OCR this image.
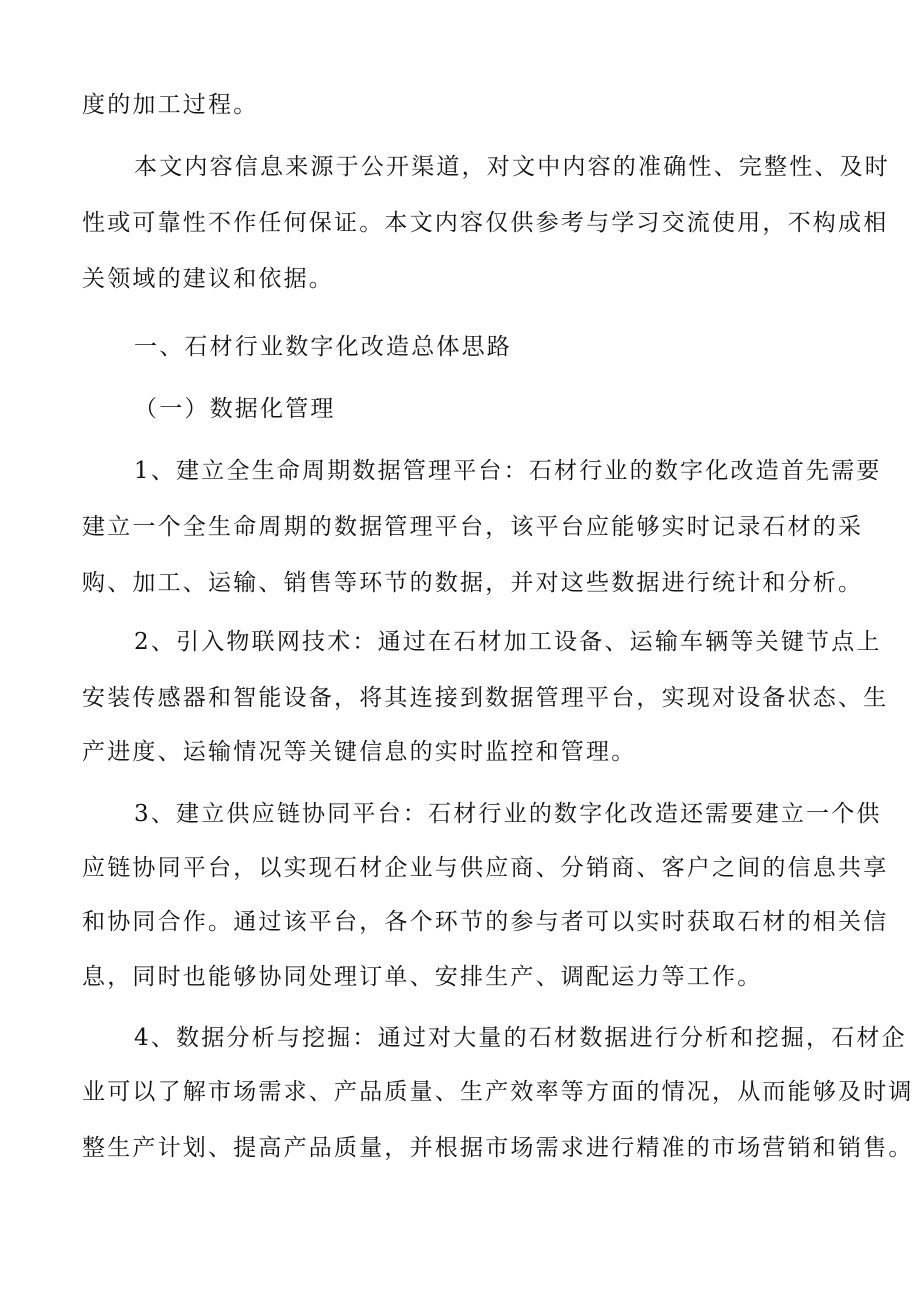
度的加工过程。
本文内容信息来源于公开渠道，对文中内容的准确性、完整性、及时
性或可靠性不作任何保证。本文内容仅供参考与学习交流使用，不构成相
关领域的建议和依据。
一、石材行业数字化改造总体思路
（一）数据化管理
1、建立全生命周期数据管理平台：石材行业的数字化改造首先需要
建立一个全生命周期的数据管理平台，该平台应能够实时记录石材的采
购、加工、运输、销售等环节的数据，并对这些数据进行统计和分析。
2、引入物联网技术：通过在石材加工设备、运输车辆等关键节点上
安装传感器和智能设备，将其连接到数据管理平台，实现对设备状态、生
产进度、运输情况等关键信息的实时监控和管理。
3、建立供应链协同平台：石材行业的数字化改造还需要建立一个供
应链协同平台，以实现石材企业与供应商、分销商、客户之间的信息共享
和协同合作。通过该平台，各个环节的参与者可以实时获取石材的相关信
息，同时也能够协同处理订单、安排生产、调配运力等工作。
4、数据分析与挖掘：通过对大量的石材数据进行分析和挖掘，石材企
业可以了解市场需求、产品质量、生产效率等方面的情况，从而能够及时调
整生产计划、提高产品质量，并根据市场需求进行精准的市场营销和销售。
